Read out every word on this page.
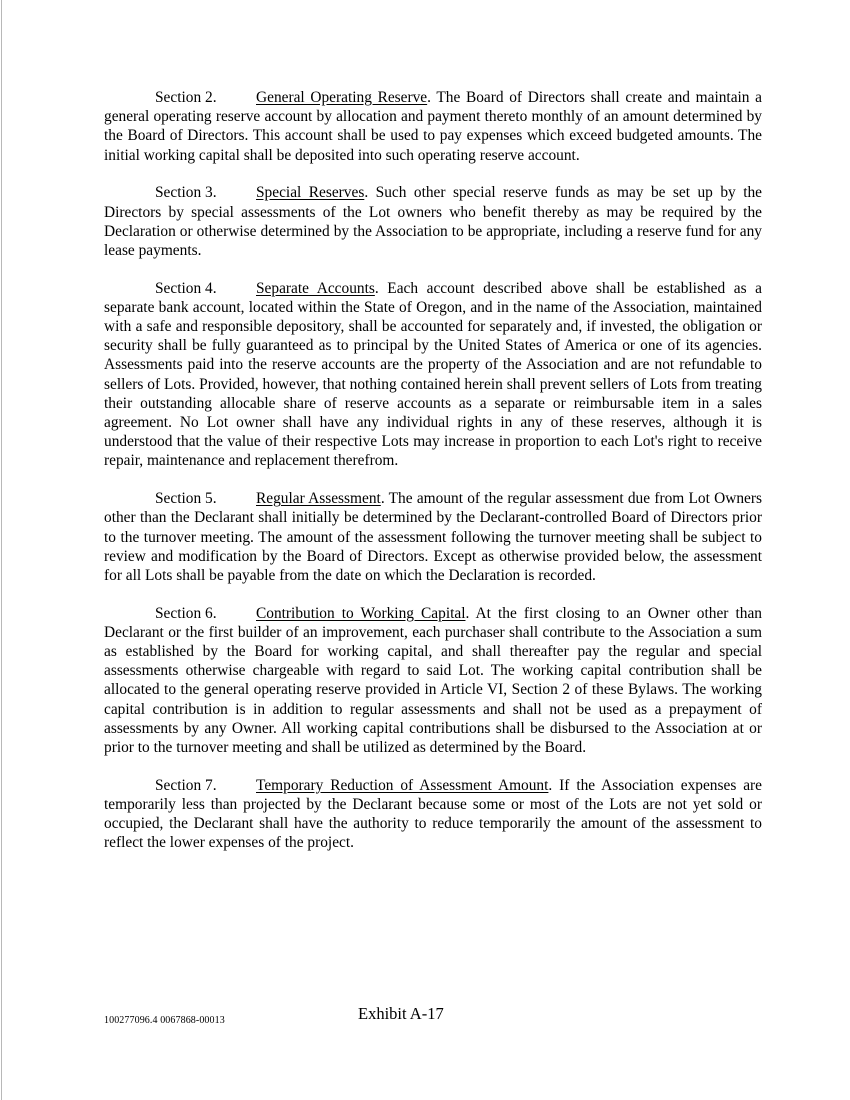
Section 2.	General Operating Reserve. The Board of Directors shall create and maintain a general operating reserve account by allocation and payment thereto monthly of an amount determined by the Board of Directors. This account shall be used to pay expenses which exceed budgeted amounts. The initial working capital shall be deposited into such operating reserve account.

Section 3.	Special Reserves. Such other special reserve funds as may be set up by the Directors by special assessments of the Lot owners who benefit thereby as may be required by the Declaration or otherwise determined by the Association to be appropriate, including a reserve fund for any lease payments.

Section 4.	Separate Accounts. Each account described above shall be established as a separate bank account, located within the State of Oregon, and in the name of the Association, maintained with a safe and responsible depository, shall be accounted for separately and, if invested, the obligation or security shall be fully guaranteed as to principal by the United States of America or one of its agencies. Assessments paid into the reserve accounts are the property of the Association and are not refundable to sellers of Lots. Provided, however, that nothing contained herein shall prevent sellers of Lots from treating their outstanding allocable share of reserve accounts as a separate or reimbursable item in a sales agreement. No Lot owner shall have any individual rights in any of these reserves, although it is understood that the value of their respective Lots may increase in proportion to each Lot's right to receive repair, maintenance and replacement therefrom.

Section 5.	Regular Assessment. The amount of the regular assessment due from Lot Owners other than the Declarant shall initially be determined by the Declarant-controlled Board of Directors prior to the turnover meeting. The amount of the assessment following the turnover meeting shall be subject to review and modification by the Board of Directors. Except as otherwise provided below, the assessment for all Lots shall be payable from the date on which the Declaration is recorded.

Section 6.	Contribution to Working Capital. At the first closing to an Owner other than Declarant or the first builder of an improvement, each purchaser shall contribute to the Association a sum as established by the Board for working capital, and shall thereafter pay the regular and special assessments otherwise chargeable with regard to said Lot. The working capital contribution shall be allocated to the general operating reserve provided in Article VI, Section 2 of these Bylaws. The working capital contribution is in addition to regular assessments and shall not be used as a prepayment of assessments by any Owner. All working capital contributions shall be disbursed to the Association at or prior to the turnover meeting and shall be utilized as determined by the Board.

Section 7.	Temporary Reduction of Assessment Amount. If the Association expenses are temporarily less than projected by the Declarant because some or most of the Lots are not yet sold or occupied, the Declarant shall have the authority to reduce temporarily the amount of the assessment to reflect the lower expenses of the project.

100277096.4 0067868-00013	Exhibit A-17
